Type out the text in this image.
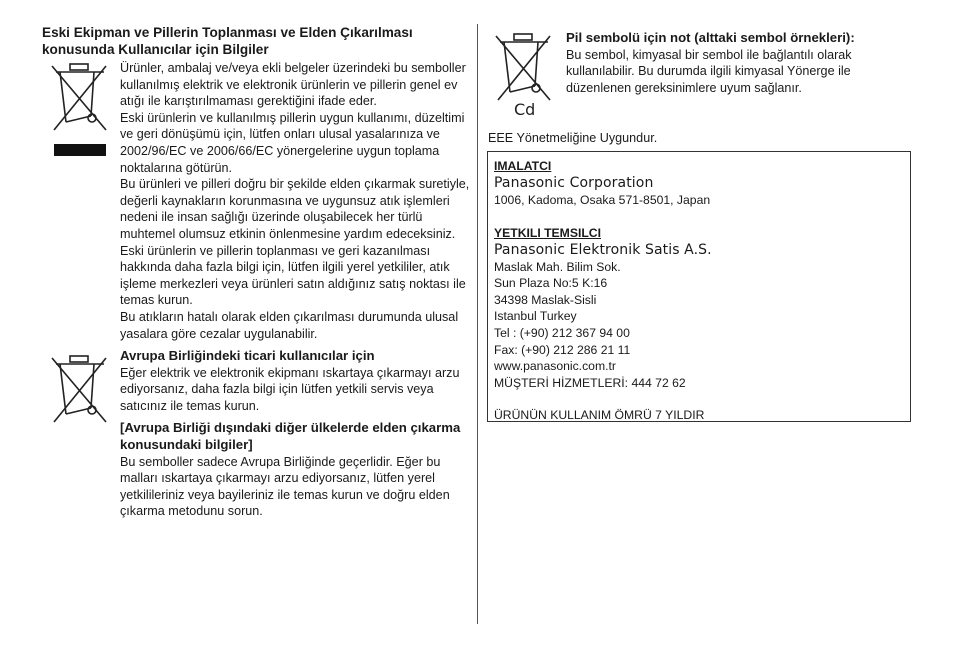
Eski Ekipman ve Pillerin Toplanması ve Elden Çıkarılması konusunda Kullanıcılar için Bilgiler

Ürünler, ambalaj ve/veya ekli belgeler üzerindeki bu semboller kullanılmış elektrik ve elektronik ürünlerin ve pillerin genel ev atığı ile karıştırılmaması gerektiğini ifade eder.

Eski ürünlerin ve kullanılmış pillerin uygun kullanımı, düzeltimi ve geri dönüşümü için, lütfen onları ulusal yasalarınıza ve 2002/96/EC ve 2006/66/EC yönergelerine uygun toplama noktalarına götürün.

Bu ürünleri ve pilleri doğru bir şekilde elden çıkarmak suretiyle, değerli kaynakların korunmasına ve uygunsuz atık işlemleri nedeni ile insan sağlığı üzerinde oluşabilecek her türlü muhtemel olumsuz etkinin önlenmesine yardım edeceksiniz.

Eski ürünlerin ve pillerin toplanması ve geri kazanılması hakkında daha fazla bilgi için, lütfen ilgili yerel yetkililer, atık işleme merkezleri veya ürünleri satın aldığınız satış noktası ile temas kurun.

Bu atıkların hatalı olarak elden çıkarılması durumunda ulusal yasalara göre cezalar uygulanabilir.

Avrupa Birliğindeki ticari kullanıcılar için

Eğer elektrik ve elektronik ekipmanı ıskartaya çıkarmayı arzu ediyorsanız, daha fazla bilgi için lütfen yetkili servis veya satıcınız ile temas kurun.

[Avrupa Birliği dışındaki diğer ülkelerde elden çıkarma konusundaki bilgiler]

Bu semboller sadece Avrupa Birliğinde geçerlidir. Eğer bu malları ıskartaya çıkarmayı arzu ediyorsanız, lütfen yerel yetkilileriniz veya bayileriniz ile temas kurun ve doğru elden çıkarma metodunu sorun.

Cd

Pil sembolü için not (alttaki sembol örnekleri):

Bu sembol, kimyasal bir sembol ile bağlantılı olarak kullanılabilir. Bu durumda ilgili kimyasal Yönerge ile düzenlenen gereksinimlere uyum sağlanır.

EEE Yönetmeliğine Uygundur.

IMALATCI

Panasonic Corporation

1006, Kadoma, Osaka 571-8501, Japan

YETKILI TEMSILCI

Panasonic Elektronik Satis A.S.

Maslak Mah. Bilim Sok.

Sun Plaza No:5 K:16

34398 Maslak-Sisli

Istanbul Turkey

Tel : (+90) 212 367 94 00

Fax: (+90) 212 286 21 11

www.panasonic.com.tr

MÜŞTERİ HİZMETLERİ: 444 72 62

ÜRÜNÜN KULLANIM ÖMRÜ 7 YILDIR
